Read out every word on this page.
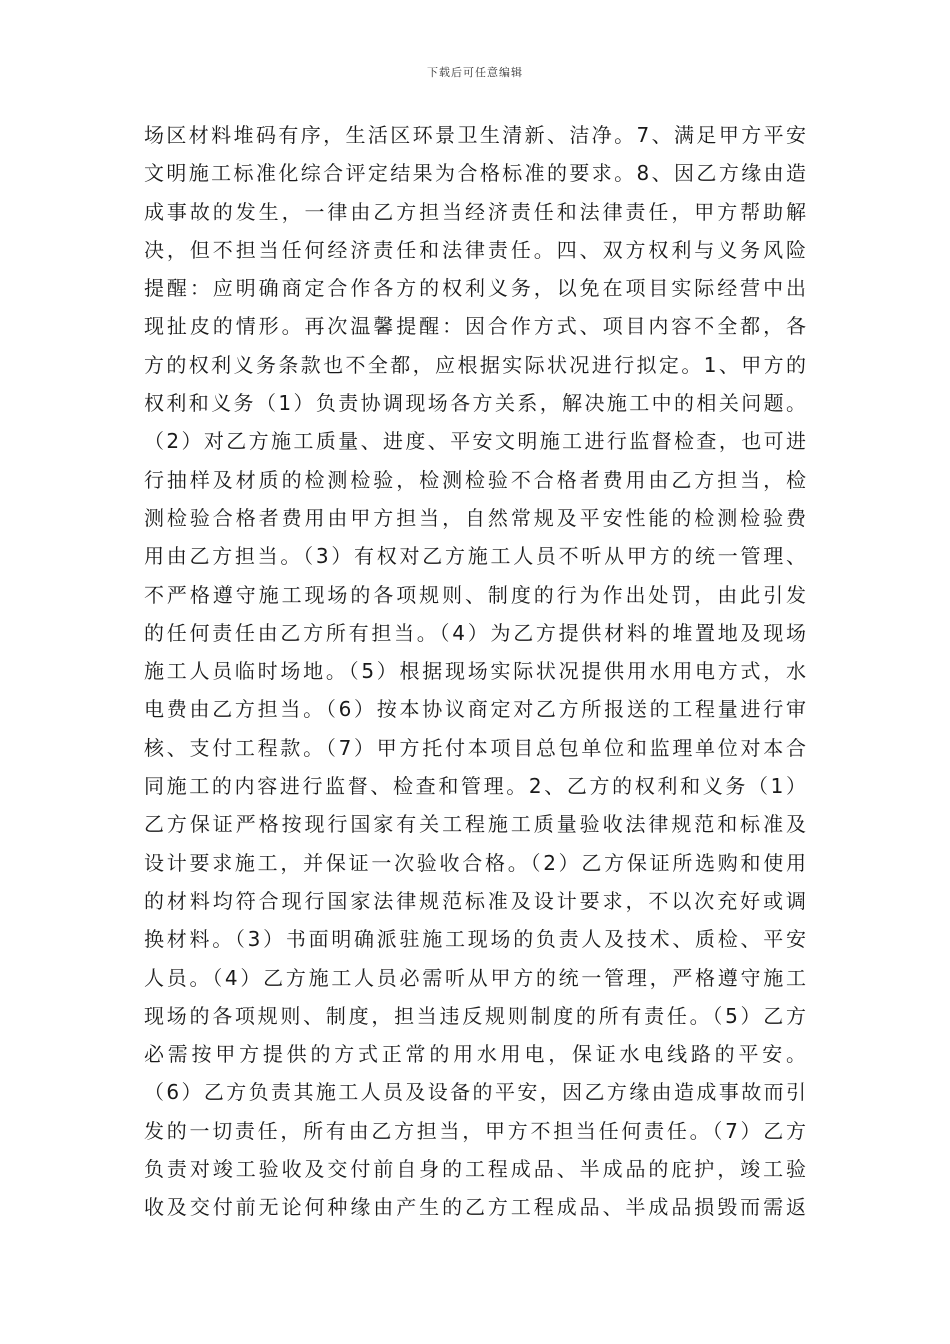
下载后可任意编辑
场区材料堆码有序，生活区环景卫生清新、洁净。7、满足甲方平安
文明施工标准化综合评定结果为合格标准的要求。8、因乙方缘由造
成事故的发生，一律由乙方担当经济责任和法律责任，甲方帮助解
决，但不担当任何经济责任和法律责任。四、双方权利与义务风险
提醒：应明确商定合作各方的权利义务，以免在项目实际经营中出
现扯皮的情形。再次温馨提醒：因合作方式、项目内容不全都，各
方的权利义务条款也不全都，应根据实际状况进行拟定。1、甲方的
权利和义务（1）负责协调现场各方关系，解决施工中的相关问题。
（2）对乙方施工质量、进度、平安文明施工进行监督检查，也可进
行抽样及材质的检测检验，检测检验不合格者费用由乙方担当，检
测检验合格者费用由甲方担当，自然常规及平安性能的检测检验费
用由乙方担当。（3）有权对乙方施工人员不听从甲方的统一管理、
不严格遵守施工现场的各项规则、制度的行为作出处罚，由此引发
的任何责任由乙方所有担当。（4）为乙方提供材料的堆置地及现场
施工人员临时场地。（5）根据现场实际状况提供用水用电方式，水
电费由乙方担当。（6）按本协议商定对乙方所报送的工程量进行审
核、支付工程款。（7）甲方托付本项目总包单位和监理单位对本合
同施工的内容进行监督、检查和管理。2、乙方的权利和义务（1）
乙方保证严格按现行国家有关工程施工质量验收法律规范和标准及
设计要求施工，并保证一次验收合格。（2）乙方保证所选购和使用
的材料均符合现行国家法律规范标准及设计要求，不以次充好或调
换材料。（3）书面明确派驻施工现场的负责人及技术、质检、平安
人员。（4）乙方施工人员必需听从甲方的统一管理，严格遵守施工
现场的各项规则、制度，担当违反规则制度的所有责任。（5）乙方
必需按甲方提供的方式正常的用水用电，保证水电线路的平安。
（6）乙方负责其施工人员及设备的平安，因乙方缘由造成事故而引
发的一切责任，所有由乙方担当，甲方不担当任何责任。（7）乙方
负责对竣工验收及交付前自身的工程成品、半成品的庇护，竣工验
收及交付前无论何种缘由产生的乙方工程成品、半成品损毁而需返
